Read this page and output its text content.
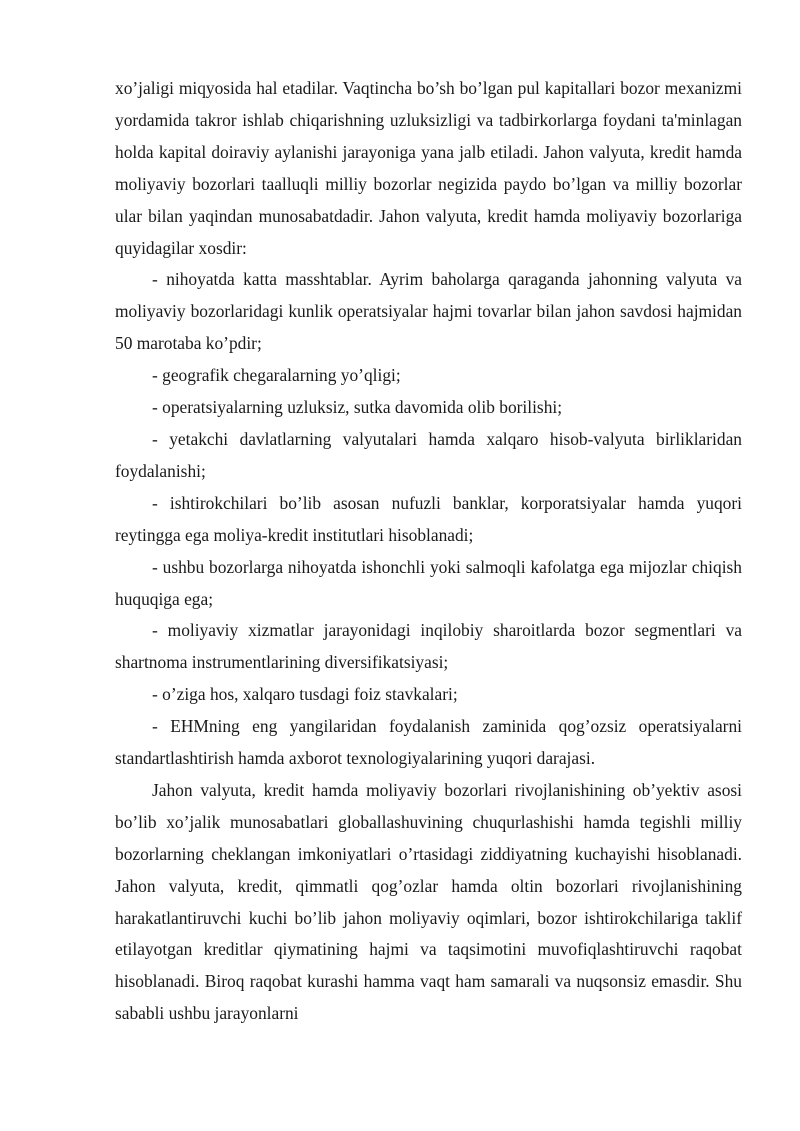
xo’jaligi miqyosida hal etadilar. Vaqtincha bo’sh bo’lgan pul kapitallari bozor mexanizmi yordamida takror ishlab chiqarishning uzluksizligi va tadbirkorlarga foydani ta'minlagan holda kapital doiraviy aylanishi jarayoniga yana jalb etiladi. Jahon valyuta, kredit hamda moliyaviy bozorlari taalluqli milliy bozorlar negizida paydo bo’lgan va milliy bozorlar ular bilan yaqindan munosabatdadir. Jahon valyuta, kredit hamda moliyaviy bozorlariga quyidagilar xosdir:

- nihoyatda katta masshtablar. Ayrim baholarga qaraganda jahonning valyuta va moliyaviy bozorlaridagi kunlik operatsiyalar hajmi tovarlar bilan jahon savdosi hajmidan 50 marotaba ko’pdir;

- geografik chegaralarning yo’qligi;

- operatsiyalarning uzluksiz, sutka davomida olib borilishi;

- yetakchi davlatlarning valyutalari hamda xalqaro hisob-valyuta birliklaridan foydalanishi;

- ishtirokchilari bo’lib asosan nufuzli banklar, korporatsiyalar hamda yuqori reytingga ega moliya-kredit institutlari hisoblanadi;

- ushbu bozorlarga nihoyatda ishonchli yoki salmoqli kafolatga ega mijozlar chiqish huquqiga ega;

- moliyaviy xizmatlar jarayonidagi inqilobiy sharoitlarda bozor segmentlari va shartnoma instrumentlarining diversifikatsiyasi;

- o’ziga hos, xalqaro tusdagi foiz stavkalari;

- EHMning eng yangilaridan foydalanish zaminida qog’ozsiz operatsiyalarni standartlashtirish hamda axborot texnologiyalarining yuqori darajasi.

Jahon valyuta, kredit hamda moliyaviy bozorlari rivojlanishining ob’yektiv asosi bo’lib xo’jalik munosabatlari globallashuvining chuqurlashishi hamda tegishli milliy bozorlarning cheklangan imkoniyatlari o’rtasidagi ziddiyatning kuchayishi hisoblanadi. Jahon valyuta, kredit, qimmatli qog’ozlar hamda oltin bozorlari rivojlanishining harakatlantiruvchi kuchi bo’lib jahon moliyaviy oqimlari, bozor ishtirokchilariga taklif etilayotgan kreditlar qiymatining hajmi va taqsimotini muvofiqlashtiruvchi raqobat hisoblanadi. Biroq raqobat kurashi hamma vaqt ham samarali va nuqsonsiz emasdir. Shu sababli ushbu jarayonlarni
